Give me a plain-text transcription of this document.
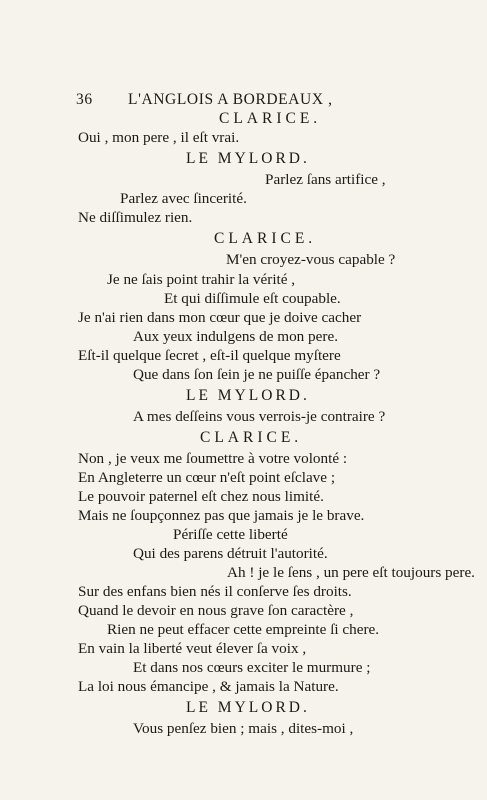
36 L'ANGLOIS A BORDEAUX ,
CLARICE.
Oui , mon pere , il eſt vrai.
LE MYLORD.
Parlez ſans artifice ,
Parlez avec ſincerité.
Ne diſſimulez rien.
CLARICE.
M'en croyez-vous capable ?
Je ne ſais point trahir la vérité ,
Et qui diſſimule eſt coupable.
Je n'ai rien dans mon cœur que je doive cacher
Aux yeux indulgens de mon pere.
Eſt-il quelque ſecret , eſt-il quelque myſtere
Que dans ſon ſein je ne puiſſe épancher ?
LE MYLORD.
A mes deſſeins vous verrois-je contraire ?
CLARICE.
Non , je veux me ſoumettre à votre volonté :
En Angleterre un cœur n'eſt point eſclave ;
Le pouvoir paternel eſt chez nous limité.
Mais ne ſoupçonnez pas que jamais je le brave.
Périſſe cette liberté
Qui des parens détruit l'autorité.
Ah ! je le ſens , un pere eſt toujours pere.
Sur des enfans bien nés il conſerve ſes droits.
Quand le devoir en nous grave ſon caractère ,
Rien ne peut effacer cette empreinte ſi chere.
En vain la liberté veut élever ſa voix ,
Et dans nos cœurs exciter le murmure ;
La loi nous émancipe , & jamais la Nature.
LE MYLORD.
Vous penſez bien ; mais , dites-moi ,
